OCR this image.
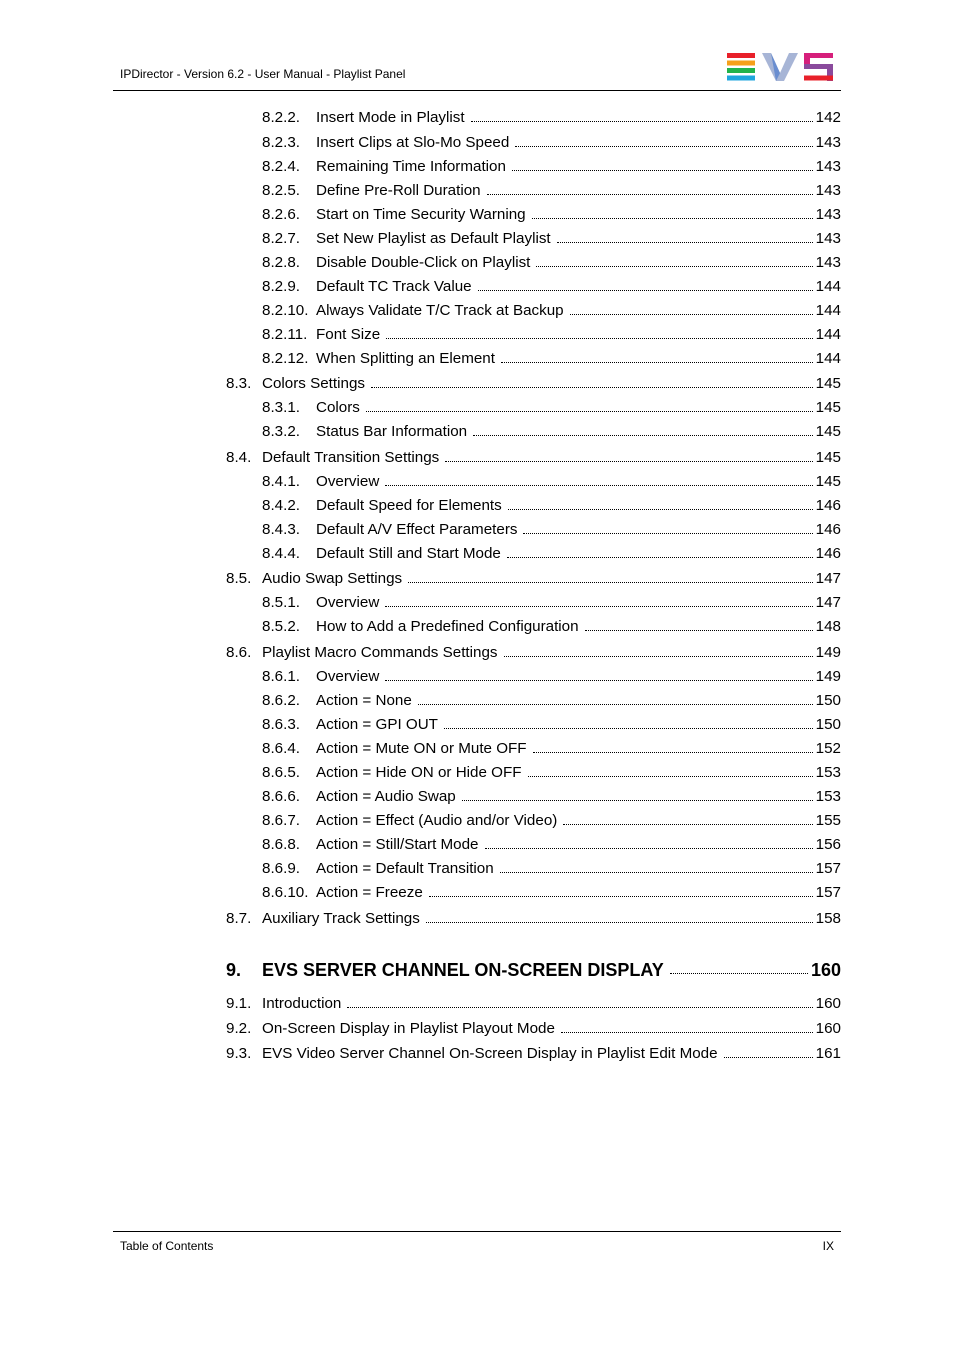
IPDirector - Version 6.2 - User Manual - Playlist Panel
8.2.2.	Insert Mode in Playlist	142
8.2.3.	Insert Clips at Slo-Mo Speed	143
8.2.4.	Remaining Time Information	143
8.2.5.	Define Pre-Roll Duration	143
8.2.6.	Start on Time Security Warning	143
8.2.7.	Set New Playlist as Default Playlist	143
8.2.8.	Disable Double-Click on Playlist	143
8.2.9.	Default TC Track Value	144
8.2.10. Always Validate T/C Track at Backup	144
8.2.11. Font Size	144
8.2.12. When Splitting an Element	144
8.3. Colors Settings	145
8.3.1.	Colors	145
8.3.2.	Status Bar Information	145
8.4. Default Transition Settings	145
8.4.1.	Overview	145
8.4.2.	Default Speed for Elements	146
8.4.3.	Default A/V Effect Parameters	146
8.4.4.	Default Still and Start Mode	146
8.5. Audio Swap Settings	147
8.5.1.	Overview	147
8.5.2.	How to Add a Predefined Configuration	148
8.6. Playlist Macro Commands Settings	149
8.6.1.	Overview	149
8.6.2.	Action = None	150
8.6.3.	Action = GPI OUT	150
8.6.4.	Action = Mute ON or Mute OFF	152
8.6.5.	Action = Hide ON or Hide OFF	153
8.6.6.	Action = Audio Swap	153
8.6.7.	Action = Effect (Audio and/or Video)	155
8.6.8.	Action = Still/Start Mode	156
8.6.9.	Action = Default Transition	157
8.6.10. Action = Freeze	157
8.7. Auxiliary Track Settings	158
9.	EVS SERVER CHANNEL ON-SCREEN DISPLAY	160
9.1. Introduction	160
9.2. On-Screen Display in Playlist Playout Mode	160
9.3. EVS Video Server Channel On-Screen Display in Playlist Edit Mode	161
Table of Contents	IX
